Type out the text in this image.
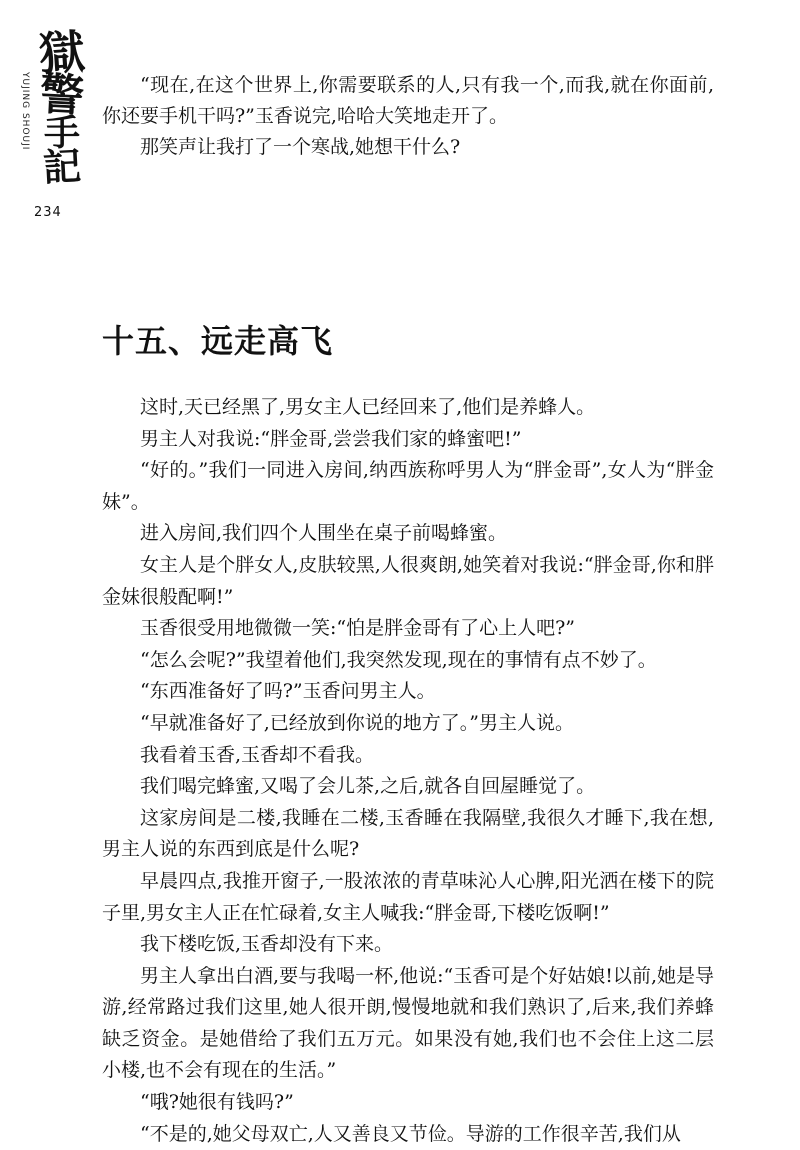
YUJING SHOUJI
獄
警
手
記
234

“现在,在这个世界上,你需要联系的人,只有我一个,而我,就在你面前,你还要手机干吗?”玉香说完,哈哈大笑地走开了。

那笑声让我打了一个寒战,她想干什么?

十五、远走高飞

这时,天已经黑了,男女主人已经回来了,他们是养蜂人。

男主人对我说:“胖金哥,尝尝我们家的蜂蜜吧!”

“好的。”我们一同进入房间,纳西族称呼男人为“胖金哥”,女人为“胖金妹”。

进入房间,我们四个人围坐在桌子前喝蜂蜜。

女主人是个胖女人,皮肤较黑,人很爽朗,她笑着对我说:“胖金哥,你和胖金妹很般配啊!”

玉香很受用地微微一笑:“怕是胖金哥有了心上人吧?”

“怎么会呢?”我望着他们,我突然发现,现在的事情有点不妙了。

“东西准备好了吗?”玉香问男主人。

“早就准备好了,已经放到你说的地方了。”男主人说。

我看着玉香,玉香却不看我。

我们喝完蜂蜜,又喝了会儿茶,之后,就各自回屋睡觉了。

这家房间是二楼,我睡在二楼,玉香睡在我隔壁,我很久才睡下,我在想,男主人说的东西到底是什么呢?

早晨四点,我推开窗子,一股浓浓的青草味沁人心脾,阳光洒在楼下的院子里,男女主人正在忙碌着,女主人喊我:“胖金哥,下楼吃饭啊!”

我下楼吃饭,玉香却没有下来。

男主人拿出白酒,要与我喝一杯,他说:“玉香可是个好姑娘!以前,她是导游,经常路过我们这里,她人很开朗,慢慢地就和我们熟识了,后来,我们养蜂缺乏资金。是她借给了我们五万元。如果没有她,我们也不会住上这二层小楼,也不会有现在的生活。”

“哦?她很有钱吗?”

“不是的,她父母双亡,人又善良又节俭。导游的工作很辛苦,我们从
